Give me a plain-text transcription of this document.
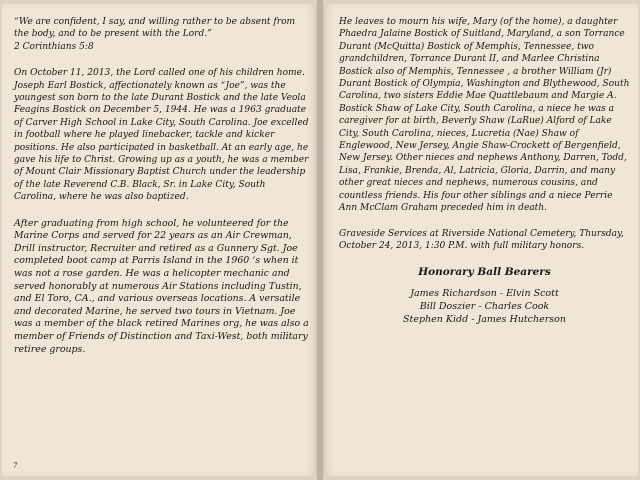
“We are confident, I say, and willing rather to be absent from the body, and to be present with the Lord.”

2 Corinthians 5:8

On October 11, 2013, the Lord called one of his children home. Joseph Earl Bostick, affectionately known as “Joe”, was the youngest son born to the late Durant Bostick and the late Veola Feagins Bostick on December 5, 1944. He was a 1963 graduate of Carver High School in Lake City, South Carolina. Joe excelled in football where he played linebacker, tackle and kicker positions. He also participated in basketball. At an early age, he gave his life to Christ. Growing up as a youth, he was a member of Mount Clair Missionary Baptist Church under the leadership of the late Reverend C.B. Black, Sr. in Lake City, South Carolina, where he was also baptized.

After graduating from high school, he volunteered for the Marine Corps and served for 22 years as an Air Crewman, Drill instructor, Recruiter and retired as a Gunnery Sgt. Joe completed boot camp at Parris Island in the 1960 ‘s when it was not a rose garden. He was a helicopter mechanic and served honorably at numerous Air Stations including Tustin, and El Toro, CA., and various overseas locations. A versatile and decorated Marine, he served two tours in Vietnam. Joe was a member of the black retired Marines org, he was also a member of Friends of Distinction and Taxi-West, both military retiree groups.

7

He leaves to mourn his wife, Mary (of the home), a daughter Phaedra Jalaine Bostick of Suitland, Maryland, a son Torrance Durant (McQuitta) Bostick of Memphis, Tennessee, two grandchildren, Torrance Durant II, and Marlee Christina Bostick also of Memphis, Tennessee , a brother William (Jr) Durant Bostick of Olympia, Washington and Blythewood, South Carolina, two sisters Eddie Mae Quattlebaum and Margie A. Bostick Shaw of Lake City, South Carolina, a niece he was a caregiver for at birth, Beverly Shaw (LaRue) Alford of Lake City, South Carolina, nieces, Lucretia (Nae) Shaw of Englewood, New Jersey, Angie Shaw-Crockett of Bergenfield, New Jersey. Other nieces and nephews Anthony, Darren, Todd, Lisa, Frankie, Brenda, Al, Latricia, Gloria, Darrin, and many other great nieces and nephews, numerous cousins, and countless friends. His four other siblings and a niece Perrie Ann McClam Graham preceded him in death.

Graveside Services at Riverside National Cemetery, Thursday, October 24, 2013, 1:30 P.M. with full military honors.

Honorary Ball Bearers
James Richardson - Elvin Scott
Bill Doszier - Charles Cook
Stephen Kidd - James Hutcherson
